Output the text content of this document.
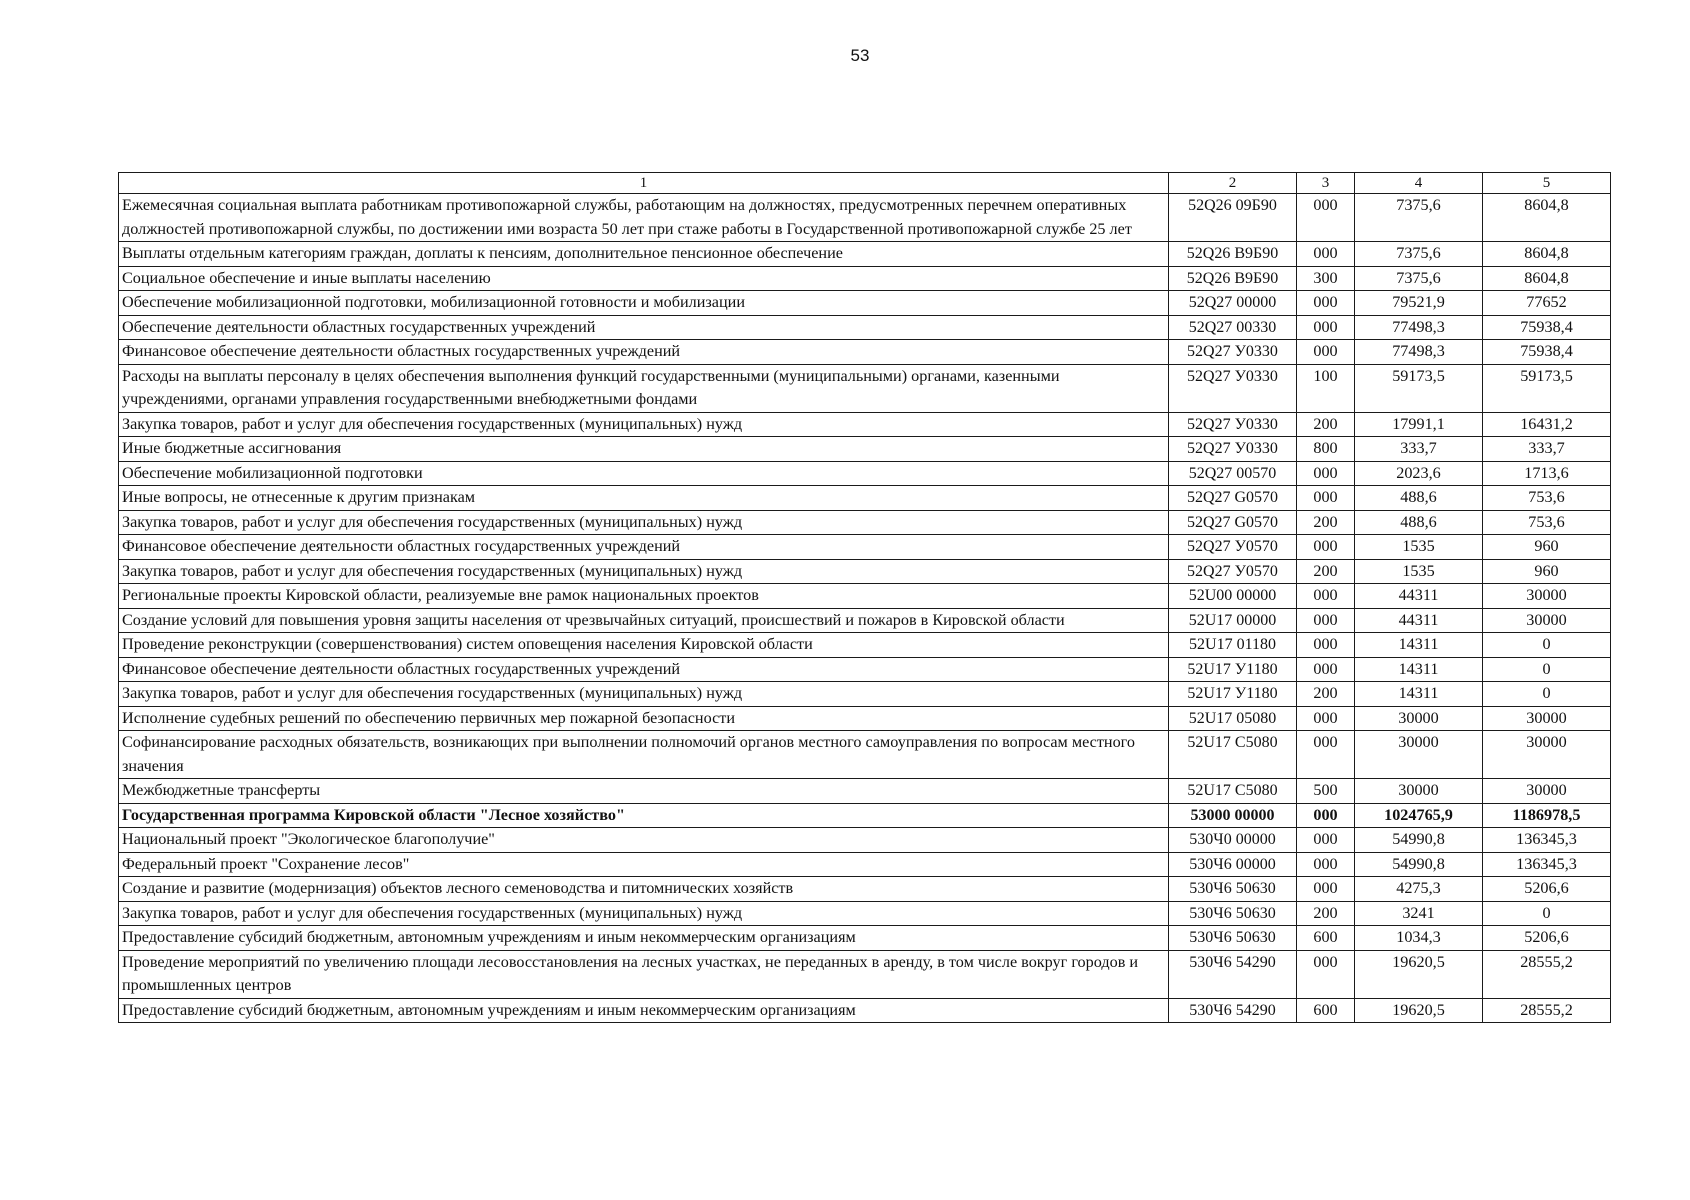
53
1	2	3	4	5
Ежемесячная социальная выплата работникам противопожарной службы, работающим на должностях, предусмотренных перечнем оперативных должностей противопожарной службы, по достижении ими возраста 50 лет при стаже работы в Государственной противопожарной службе 25 лет	52Q26 09Б90	000	7375,6	8604,8
Выплаты отдельным категориям граждан, доплаты к пенсиям, дополнительное пенсионное обеспечение	52Q26 В9Б90	000	7375,6	8604,8
Социальное обеспечение и иные выплаты населению	52Q26 В9Б90	300	7375,6	8604,8
Обеспечение мобилизационной подготовки, мобилизационной готовности и мобилизации	52Q27 00000	000	79521,9	77652
Обеспечение деятельности областных государственных учреждений	52Q27 00330	000	77498,3	75938,4
Финансовое обеспечение деятельности областных государственных учреждений	52Q27 У0330	000	77498,3	75938,4
Расходы на выплаты персоналу в целях обеспечения выполнения функций государственными (муниципальными) органами, казенными учреждениями, органами управления государственными внебюджетными фондами	52Q27 У0330	100	59173,5	59173,5
Закупка товаров, работ и услуг для обеспечения государственных (муниципальных) нужд	52Q27 У0330	200	17991,1	16431,2
Иные бюджетные ассигнования	52Q27 У0330	800	333,7	333,7
Обеспечение мобилизационной подготовки	52Q27 00570	000	2023,6	1713,6
Иные вопросы, не отнесенные к другим признакам	52Q27 G0570	000	488,6	753,6
Закупка товаров, работ и услуг для обеспечения государственных (муниципальных) нужд	52Q27 G0570	200	488,6	753,6
Финансовое обеспечение деятельности областных государственных учреждений	52Q27 У0570	000	1535	960
Закупка товаров, работ и услуг для обеспечения государственных (муниципальных) нужд	52Q27 У0570	200	1535	960
Региональные проекты Кировской области, реализуемые вне рамок национальных проектов	52U00 00000	000	44311	30000
Создание условий для повышения уровня защиты населения от чрезвычайных ситуаций, происшествий и пожаров в Кировской области	52U17 00000	000	44311	30000
Проведение реконструкции (совершенствования) систем оповещения населения Кировской области	52U17 01180	000	14311	0
Финансовое обеспечение деятельности областных государственных учреждений	52U17 У1180	000	14311	0
Закупка товаров, работ и услуг для обеспечения государственных (муниципальных) нужд	52U17 У1180	200	14311	0
Исполнение судебных решений по обеспечению первичных мер пожарной безопасности	52U17 05080	000	30000	30000
Софинансирование расходных обязательств, возникающих при выполнении полномочий органов местного самоуправления по вопросам местного значения	52U17 С5080	000	30000	30000
Межбюджетные трансферты	52U17 С5080	500	30000	30000
Государственная программа Кировской области "Лесное хозяйство"	53000 00000	000	1024765,9	1186978,5
Национальный проект "Экологическое благополучие"	530Ч0 00000	000	54990,8	136345,3
Федеральный проект "Сохранение лесов"	530Ч6 00000	000	54990,8	136345,3
Создание и развитие (модернизация) объектов лесного семеноводства и питомнических хозяйств	530Ч6 50630	000	4275,3	5206,6
Закупка товаров, работ и услуг для обеспечения государственных (муниципальных) нужд	530Ч6 50630	200	3241	0
Предоставление субсидий бюджетным, автономным учреждениям и иным некоммерческим организациям	530Ч6 50630	600	1034,3	5206,6
Проведение мероприятий по увеличению площади лесовосстановления на лесных участках, не переданных в аренду, в том числе вокруг городов и промышленных центров	530Ч6 54290	000	19620,5	28555,2
Предоставление субсидий бюджетным, автономным учреждениям и иным некоммерческим организациям	530Ч6 54290	600	19620,5	28555,2
